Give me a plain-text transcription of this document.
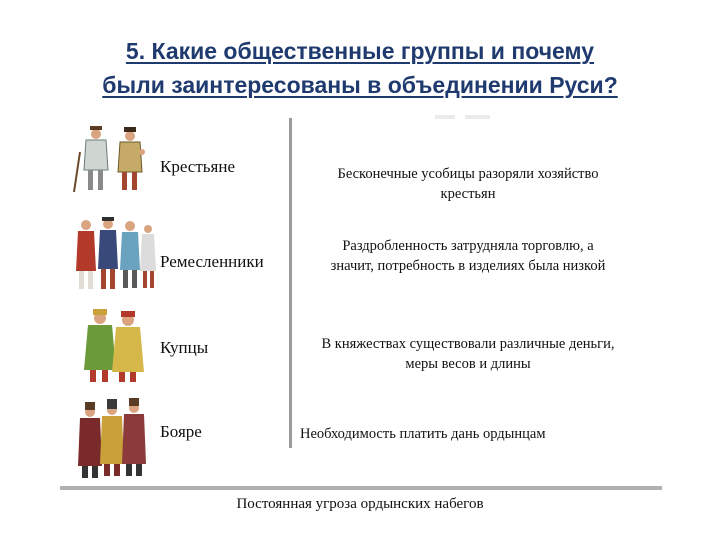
5. Какие общественные группы и почему
были заинтересованы в объединении Руси?
Крестьяне
Ремесленники
Купцы
Бояре
Бесконечные усобицы разоряли хозяйство
крестьян
Раздробленность затрудняла торговлю, а
значит, потребность в изделиях была низкой
В княжествах существовали различные деньги,
меры весов и длины
Необходимость платить дань ордынцам
Постоянная угроза ордынских набегов
